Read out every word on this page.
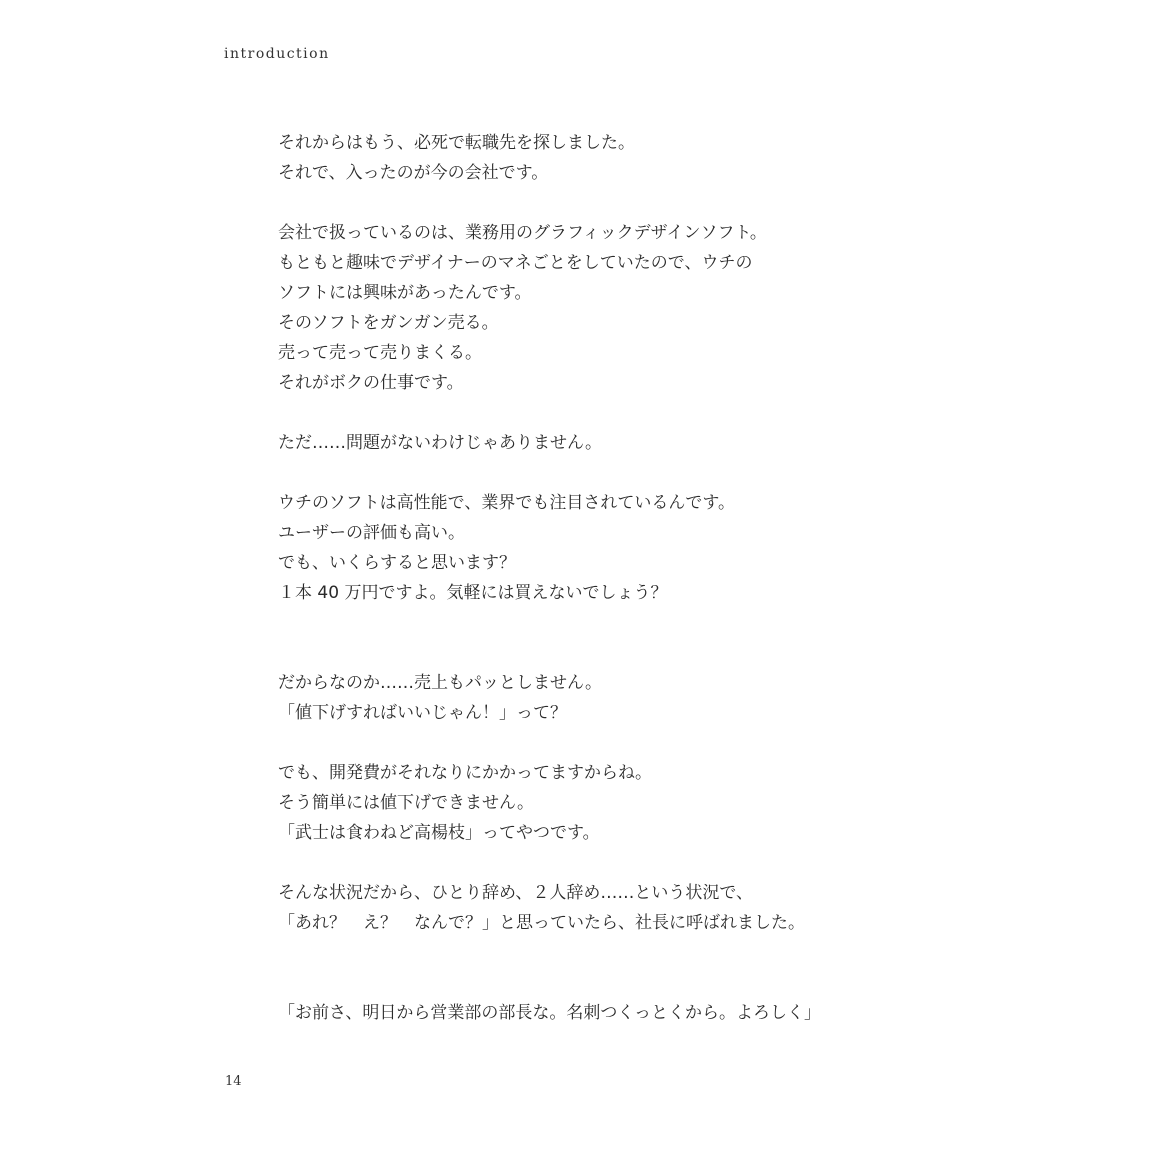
introduction
それからはもう、必死で転職先を探しました。
それで、入ったのが今の会社です。
会社で扱っているのは、業務用のグラフィックデザインソフト。
もともと趣味でデザイナーのマネごとをしていたので、ウチの
ソフトには興味があったんです。
そのソフトをガンガン売る。
売って売って売りまくる。
それがボクの仕事です。
ただ……問題がないわけじゃありません。
ウチのソフトは高性能で、業界でも注目されているんです。
ユーザーの評価も高い。
でも、いくらすると思います？
１本 40 万円ですよ。気軽には買えないでしょう？
だからなのか……売上もパッとしません。
「値下げすればいいじゃん！」って？
でも、開発費がそれなりにかかってますからね。
そう簡単には値下げできません。
「武士は食わねど高楊枝」ってやつです。
そんな状況だから、ひとり辞め、２人辞め……という状況で、
「あれ？　え？　なんで？」と思っていたら、社長に呼ばれました。
「お前さ、明日から営業部の部長な。名刺つくっとくから。よろしく」
14
